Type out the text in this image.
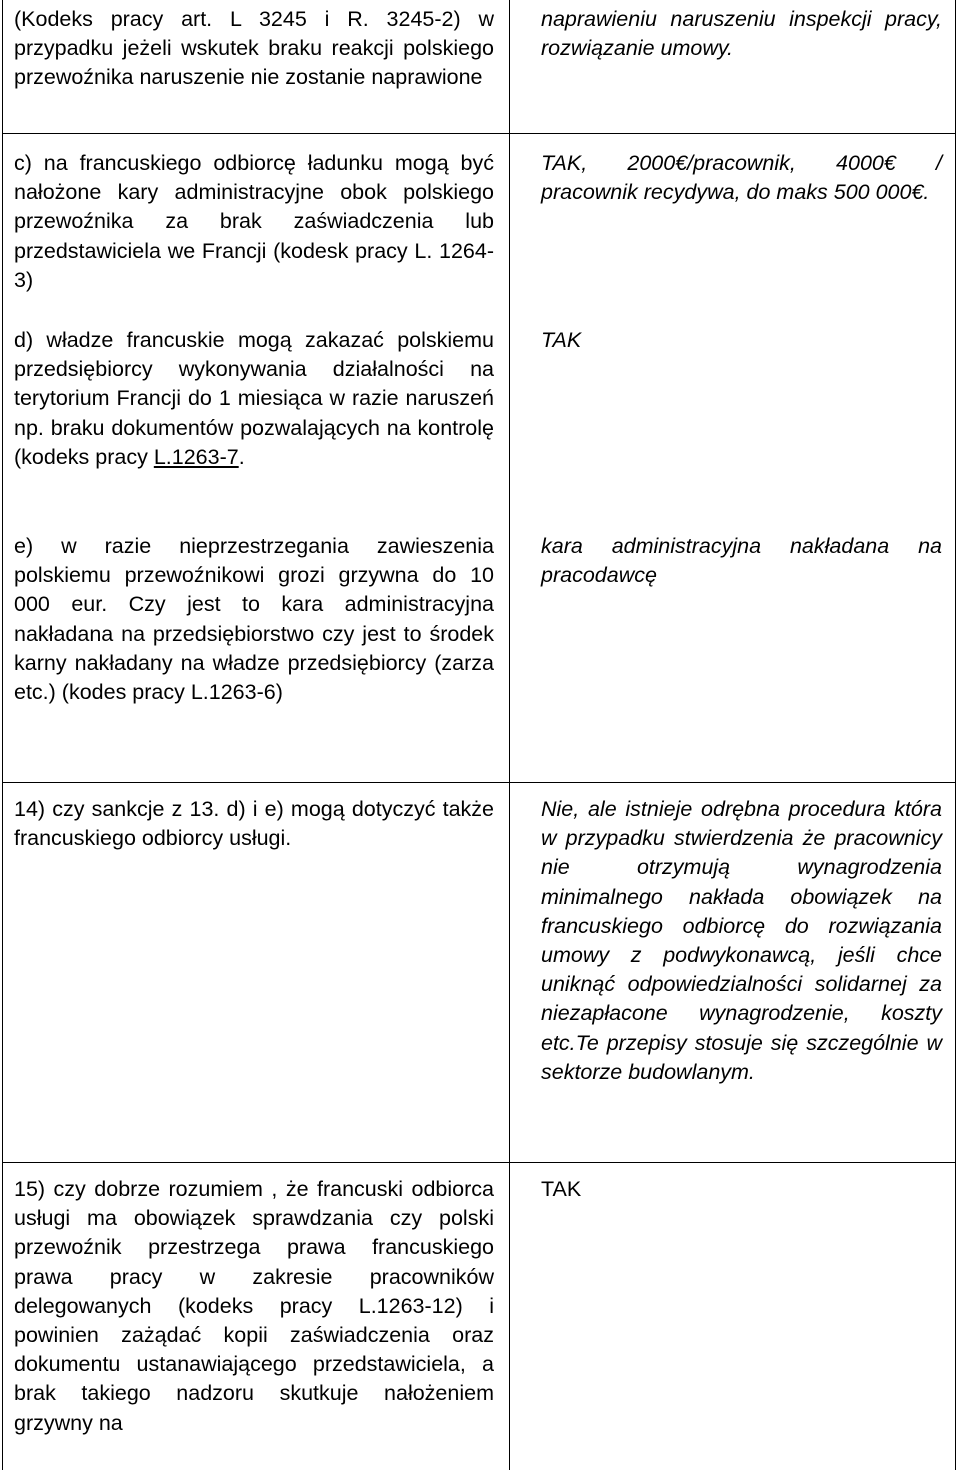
(Kodeks pracy art. L 3245 i R. 3245-2) w przypadku jeżeli wskutek braku reakcji polskiego przewoźnika naruszenie nie zostanie naprawione

c) na francuskiego odbiorcę ładunku mogą być nałożone kary administracyjne obok polskiego przewoźnika za brak zaświadczenia lub przedstawiciela we Francji (kodesk pracy L. 1264-3)

d) władze francuskie mogą zakazać polskiemu przedsiębiorcy wykonywania działalności na terytorium Francji do 1 miesiąca w razie naruszeń np. braku dokumentów pozwalających na kontrolę (kodeks pracy L.1263-7.

e) w razie nieprzestrzegania zawieszenia polskiemu przewoźnikowi grozi grzywna do 10 000 eur. Czy jest to kara administracyjna nakładana na przedsiębiorstwo czy jest to środek karny nakładany na władze przedsiębiorcy (zarza etc.) (kodes pracy L.1263-6)

naprawieniu naruszeniu inspekcji pracy, rozwiązanie umowy.

TAK, 2000€/pracownik, 4000€ / pracownik recydywa, do maks 500 000€.

TAK

kara administracyjna nakładana na pracodawcę

14) czy sankcje z 13. d) i e) mogą dotyczyć także francuskiego odbiorcy usługi.

Nie, ale istnieje odrębna procedura która w przypadku stwierdzenia że pracownicy nie otrzymują wynagrodzenia minimalnego nakłada obowiązek na francuskiego odbiorcę do rozwiązania umowy z podwykonawcą, jeśli chce uniknąć odpowiedzialności solidarnej za niezapłacone wynagrodzenie, koszty etc.Te przepisy stosuje się szczególnie w sektorze budowlanym.

15) czy dobrze rozumiem , że francuski odbiorca usługi ma obowiązek sprawdzania czy polski przewoźnik przestrzega prawa francuskiego prawa pracy w zakresie pracowników delegowanych (kodeks pracy L.1263-12) i powinien zażądać kopii zaświadczenia oraz dokumentu ustanawiającego przedstawiciela, a brak takiego nadzoru skutkuje nałożeniem grzywny na

TAK
